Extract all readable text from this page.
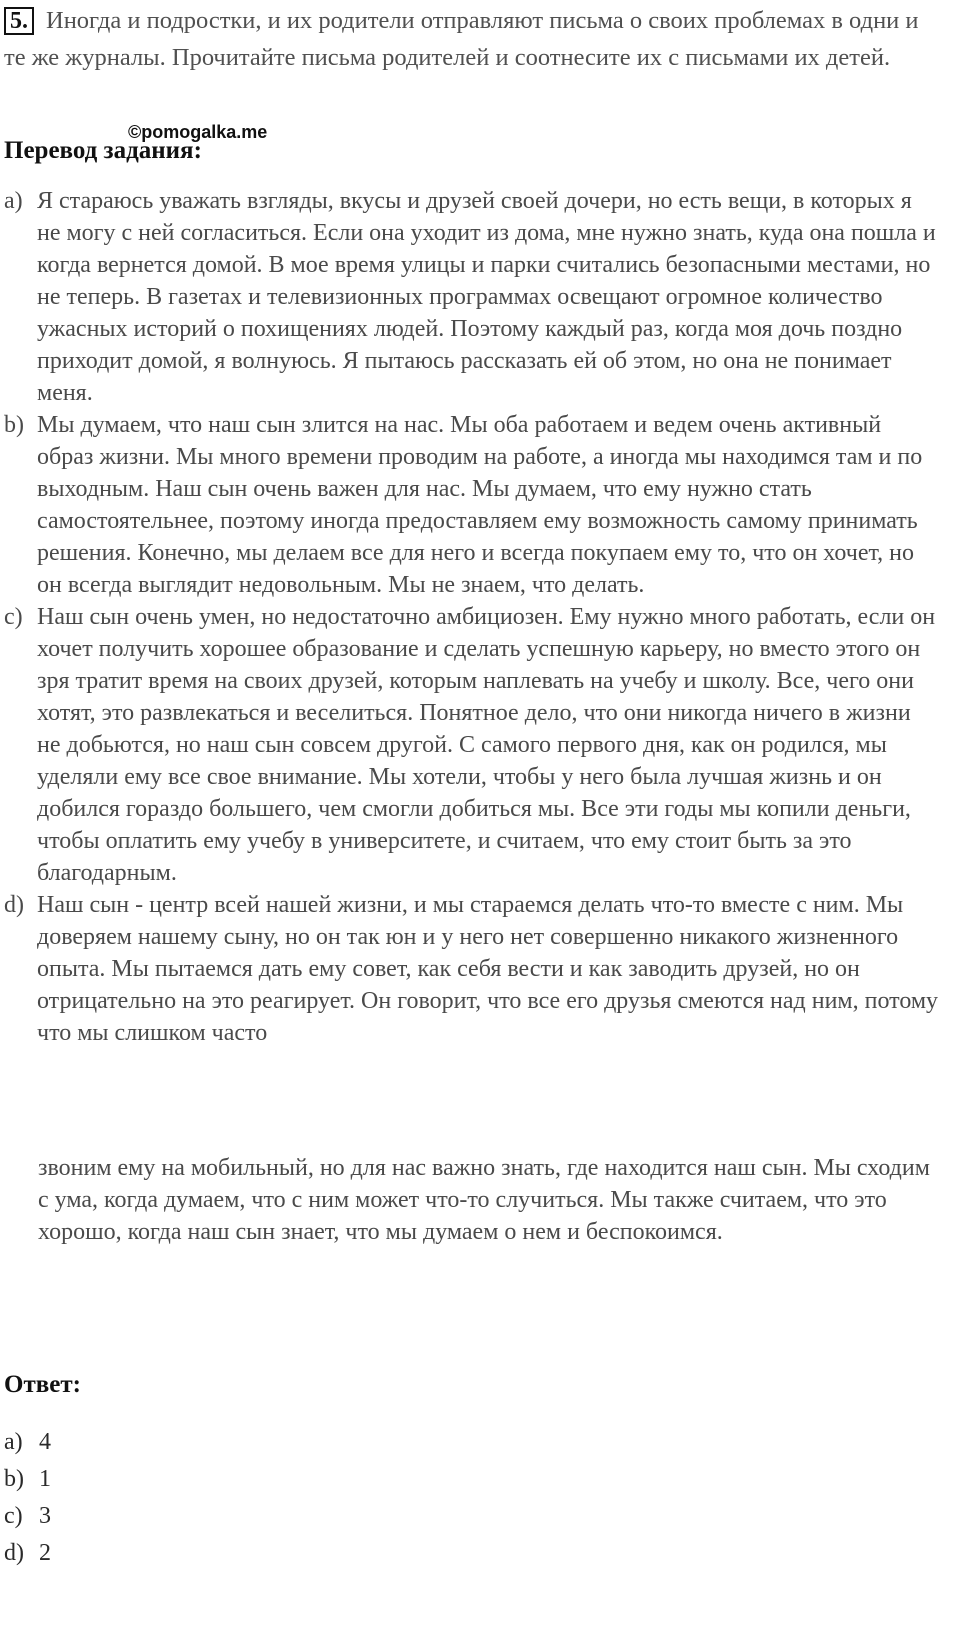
5. Иногда и подростки, и их родители отправляют письма о своих проблемах в одни и те же журналы. Прочитайте письма родителей и соотнесите их с письмами их детей.
©pomogalka.me
Перевод задания:
a) Я стараюсь уважать взгляды, вкусы и друзей своей дочери, но есть вещи, в которых я не могу с ней согласиться. Если она уходит из дома, мне нужно знать, куда она пошла и когда вернется домой. В мое время улицы и парки считались безопасными местами, но не теперь. В газетах и телевизионных программах освещают огромное количество ужасных историй о похищениях людей. Поэтому каждый раз, когда моя дочь поздно приходит домой, я волнуюсь. Я пытаюсь рассказать ей об этом, но она не понимает меня.
b) Мы думаем, что наш сын злится на нас. Мы оба работаем и ведем очень активный образ жизни. Мы много времени проводим на работе, а иногда мы находимся там и по выходным. Наш сын очень важен для нас. Мы думаем, что ему нужно стать самостоятельнее, поэтому иногда предоставляем ему возможность самому принимать решения. Конечно, мы делаем все для него и всегда покупаем ему то, что он хочет, но он всегда выглядит недовольным. Мы не знаем, что делать.
c) Наш сын очень умен, но недостаточно амбициозен. Ему нужно много работать, если он хочет получить хорошее образование и сделать успешную карьеру, но вместо этого он зря тратит время на своих друзей, которым наплевать на учебу и школу. Все, чего они хотят, это развлекаться и веселиться. Понятное дело, что они никогда ничего в жизни не добьются, но наш сын совсем другой. С самого первого дня, как он родился, мы уделяли ему все свое внимание. Мы хотели, чтобы у него была лучшая жизнь и он добился гораздо большего, чем смогли добиться мы. Все эти годы мы копили деньги, чтобы оплатить ему учебу в университете, и считаем, что ему стоит быть за это благодарным.
d) Наш сын - центр всей нашей жизни, и мы стараемся делать что-то вместе с ним. Мы доверяем нашему сыну, но он так юн и у него нет совершенно никакого жизненного опыта. Мы пытаемся дать ему совет, как себя вести и как заводить друзей, но он отрицательно на это реагирует. Он говорит, что все его друзья смеются над ним, потому что мы слишком часто
звоним ему на мобильный, но для нас важно знать, где находится наш сын. Мы сходим с ума, когда думаем, что с ним может что-то случиться. Мы также считаем, что это хорошо, когда наш сын знает, что мы думаем о нем и беспокоимся.
Ответ:
a) 4
b) 1
c) 3
d) 2
